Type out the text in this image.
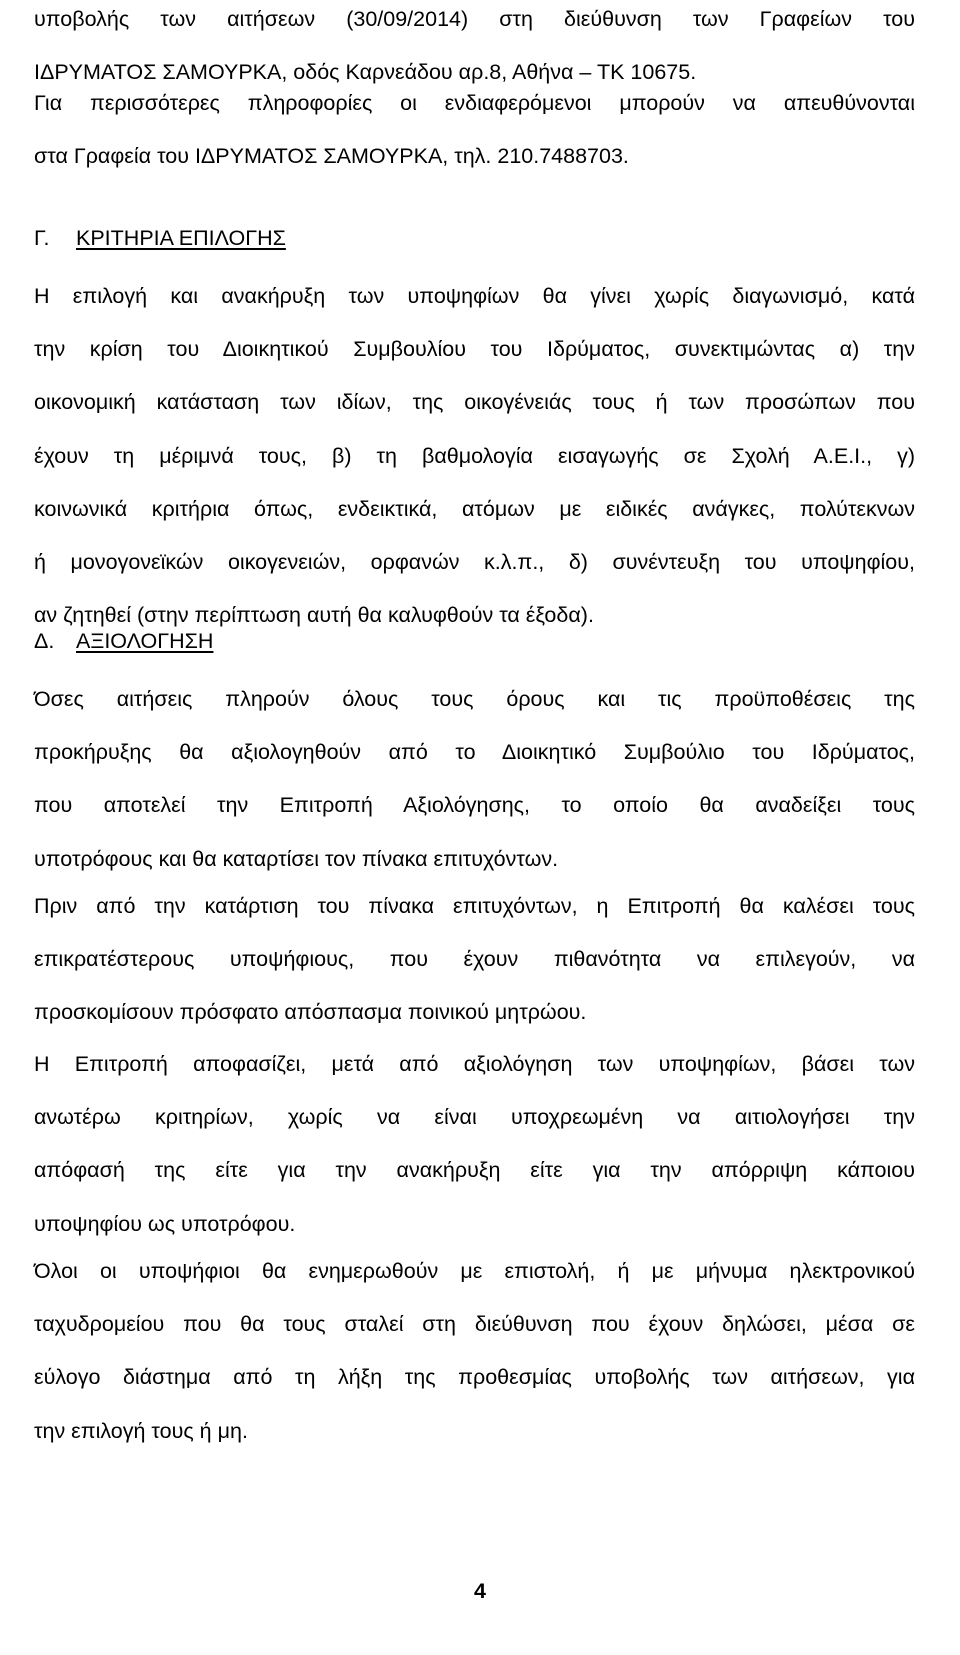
υποβολής των αιτήσεων (30/09/2014) στη διεύθυνση των Γραφείων του
ΙΔΡΥΜΑΤΟΣ ΣΑΜΟΥΡΚΑ, οδός Καρνεάδου αρ.8, Αθήνα – ΤΚ 10675.
Για περισσότερες πληροφορίες οι ενδιαφερόμενοι μπορούν να απευθύνονται
στα Γραφεία του ΙΔΡΥΜΑΤΟΣ ΣΑΜΟΥΡΚΑ, τηλ. 210.7488703.
Γ. ΚΡΙΤΗΡΙΑ ΕΠΙΛΟΓΗΣ
Η επιλογή και ανακήρυξη των υποψηφίων θα γίνει χωρίς διαγωνισμό, κατά
την κρίση του Διοικητικού Συμβουλίου του Ιδρύματος, συνεκτιμώντας α) την
οικονομική κατάσταση των ιδίων, της οικογένειάς τους ή των προσώπων που
έχουν τη μέριμνά τους, β) τη βαθμολογία εισαγωγής σε Σχολή Α.Ε.Ι., γ)
κοινωνικά κριτήρια όπως, ενδεικτικά, ατόμων με ειδικές ανάγκες, πολύτεκνων
ή μονογονεϊκών οικογενειών, ορφανών κ.λ.π., δ) συνέντευξη του υποψηφίου,
αν ζητηθεί (στην περίπτωση αυτή θα καλυφθούν τα έξοδα).
Δ. ΑΞΙΟΛΟΓΗΣΗ
Όσες αιτήσεις πληρούν όλους τους όρους και τις προϋποθέσεις της
προκήρυξης θα αξιολογηθούν από το Διοικητικό Συμβούλιο του Ιδρύματος,
που αποτελεί την Επιτροπή Αξιολόγησης, το οποίο θα αναδείξει τους
υποτρόφους και θα καταρτίσει τον πίνακα επιτυχόντων.
Πριν από την κατάρτιση του πίνακα επιτυχόντων, η Επιτροπή θα καλέσει τους
επικρατέστερους υποψήφιους, που έχουν πιθανότητα να επιλεγούν, να
προσκομίσουν πρόσφατο απόσπασμα ποινικού μητρώου.
Η Επιτροπή αποφασίζει, μετά από αξιολόγηση των υποψηφίων, βάσει των
ανωτέρω κριτηρίων, χωρίς να είναι υποχρεωμένη να αιτιολογήσει την
απόφασή της είτε για την ανακήρυξη είτε για την απόρριψη κάποιου
υποψηφίου ως υποτρόφου.
Όλοι οι υποψήφιοι θα ενημερωθούν με επιστολή, ή με μήνυμα ηλεκτρονικού
ταχυδρομείου που θα τους σταλεί στη διεύθυνση που έχουν δηλώσει, μέσα σε
εύλογο διάστημα από τη λήξη της προθεσμίας υποβολής των αιτήσεων, για
την επιλογή τους ή μη.
4
